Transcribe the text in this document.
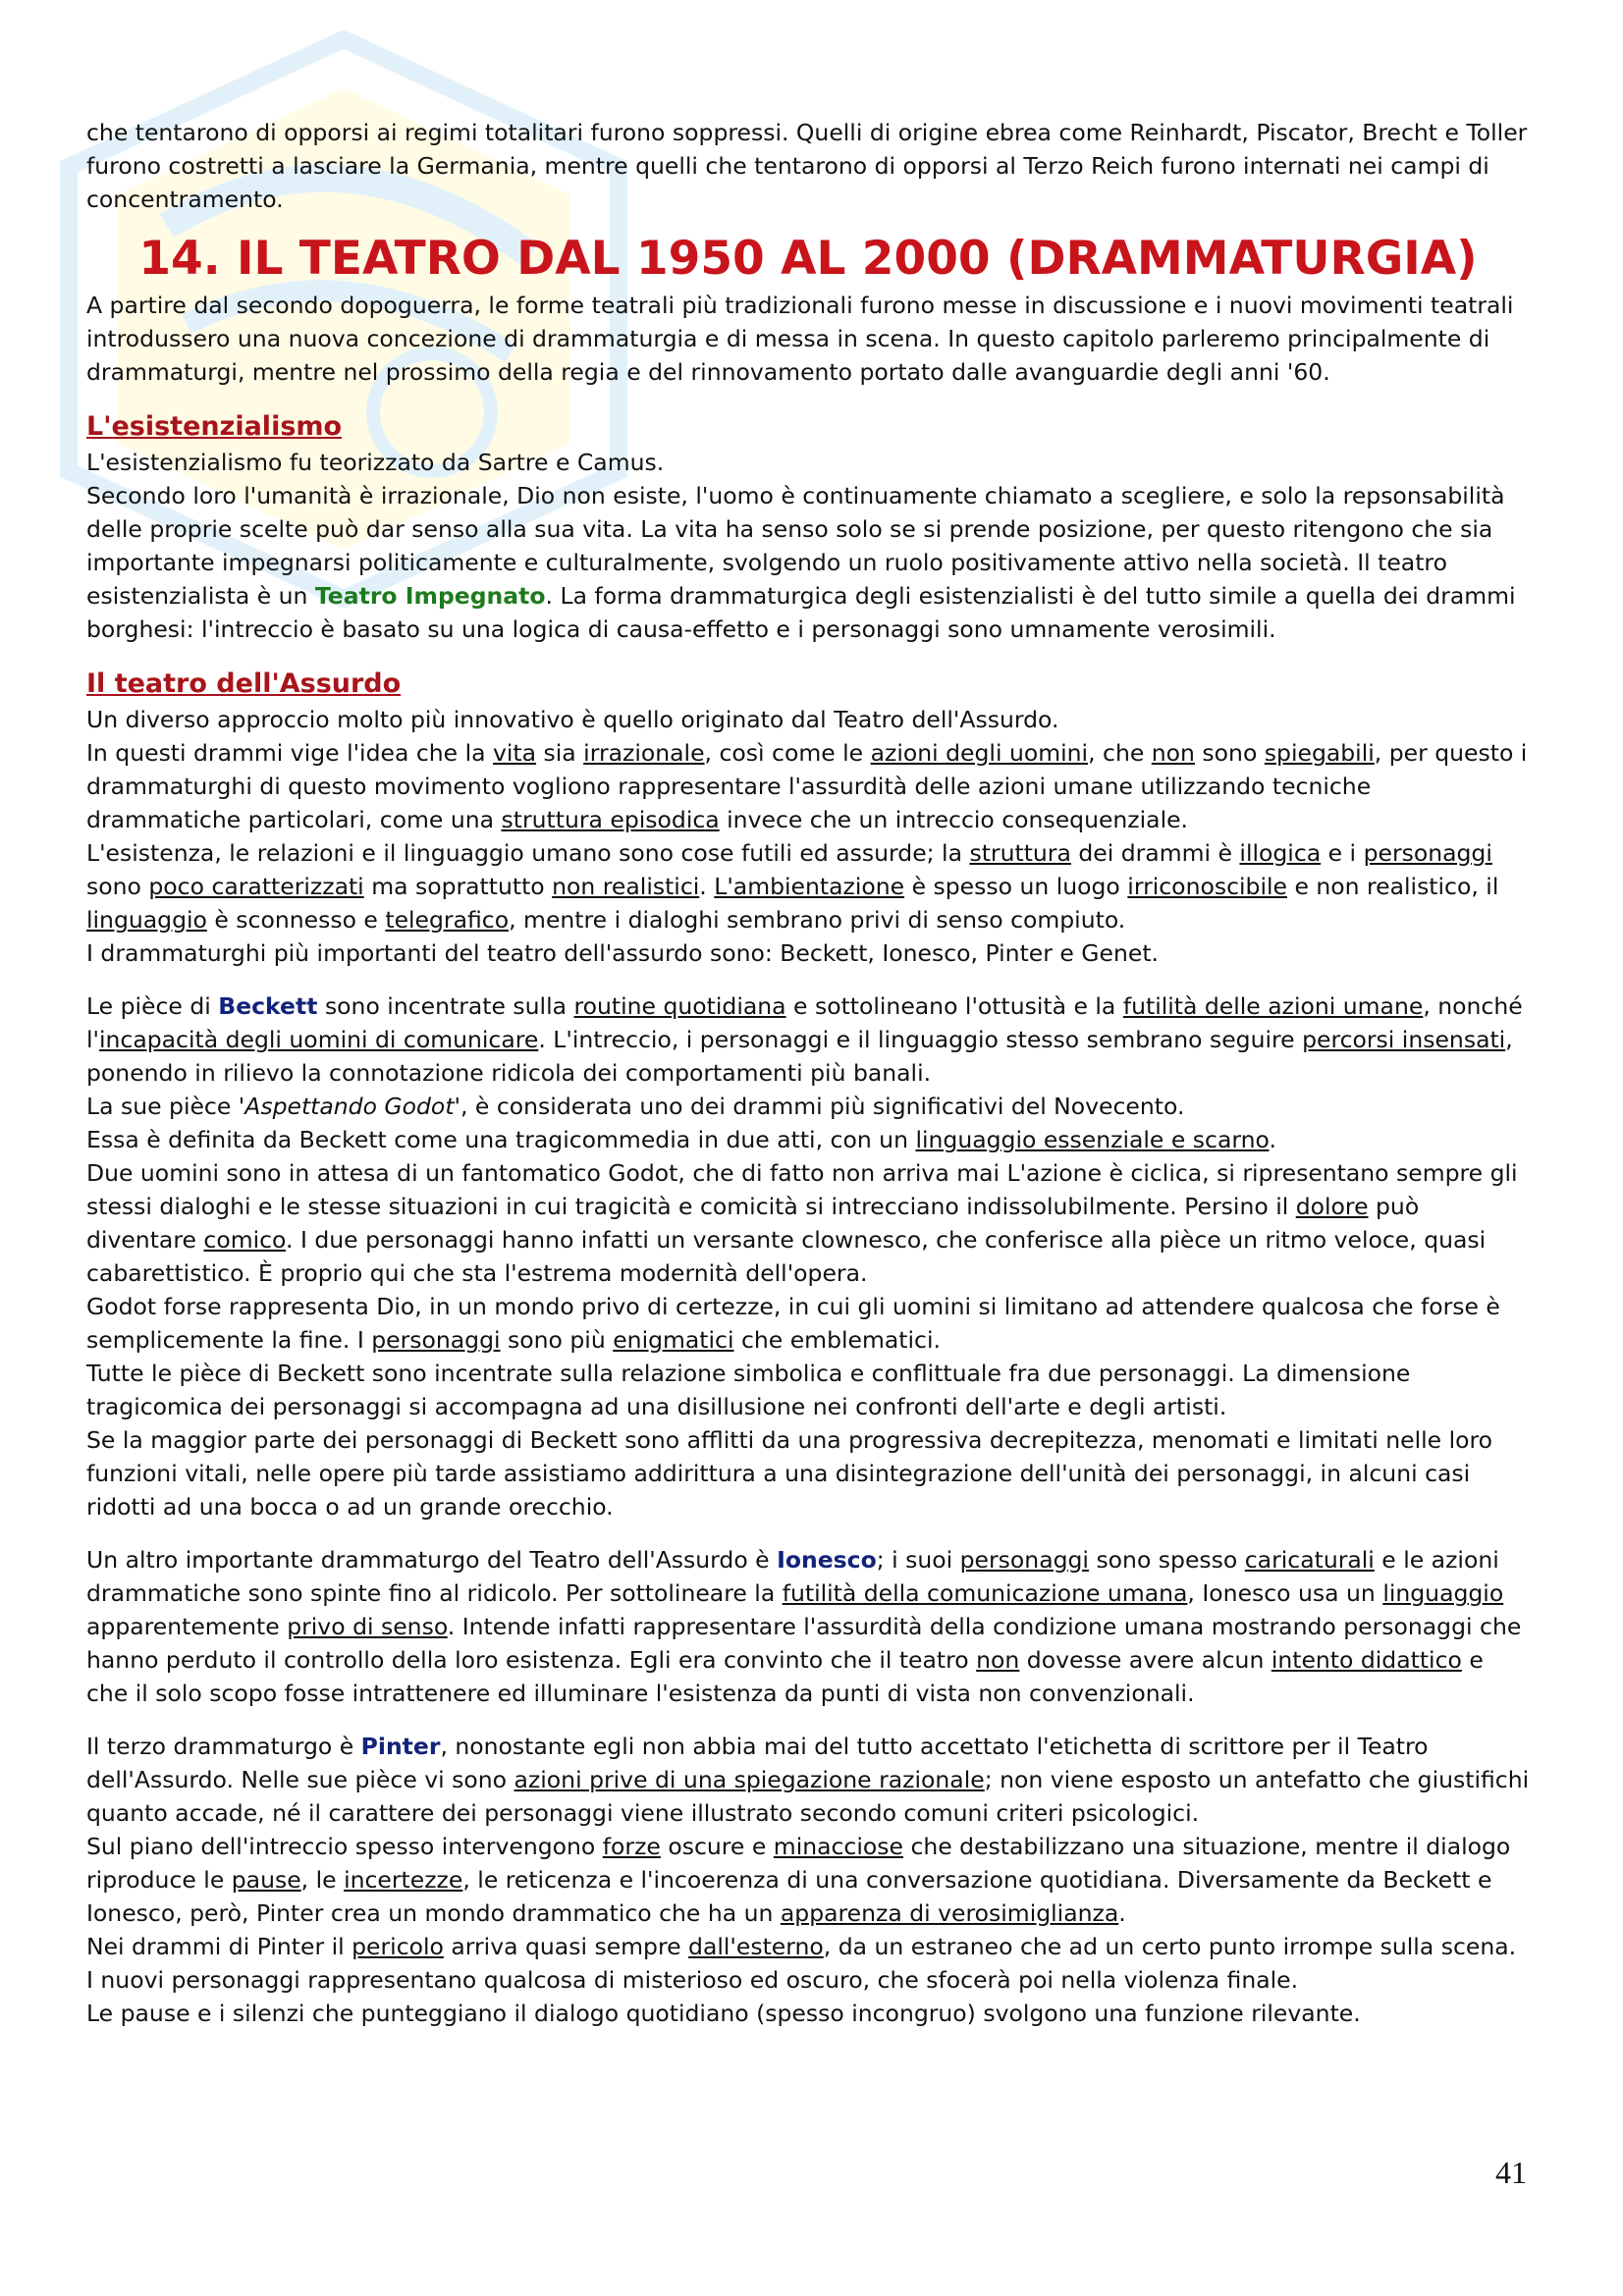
che tentarono di opporsi ai regimi totalitari furono soppressi. Quelli di origine ebrea come Reinhardt, Piscator, Brecht e Toller furono costretti a lasciare la Germania, mentre quelli che tentarono di opporsi al Terzo Reich furono internati nei campi di concentramento.

14. IL TEATRO DAL 1950 AL 2000 (DRAMMATURGIA)

A partire dal secondo dopoguerra, le forme teatrali più tradizionali furono messe in discussione e i nuovi movimenti teatrali introdussero una nuova concezione di drammaturgia e di messa in scena. In questo capitolo parleremo principalmente di drammaturgi, mentre nel prossimo della regia e del rinnovamento portato dalle avanguardie degli anni '60.

L'esistenzialismo

L'esistenzialismo fu teorizzato da Sartre e Camus.

Secondo loro l'umanità è irrazionale, Dio non esiste, l'uomo è continuamente chiamato a scegliere, e solo la repsonsabilità delle proprie scelte può dar senso alla sua vita. La vita ha senso solo se si prende posizione, per questo ritengono che sia importante impegnarsi politicamente e culturalmente, svolgendo un ruolo positivamente attivo nella società. Il teatro esistenzialista è un Teatro Impegnato. La forma drammaturgica degli esistenzialisti è del tutto simile a quella dei drammi borghesi: l'intreccio è basato su una logica di causa-effetto e i personaggi sono umnamente verosimili.

Il teatro dell'Assurdo

Un diverso approccio molto più innovativo è quello originato dal Teatro dell'Assurdo.

In questi drammi vige l'idea che la vita sia irrazionale, così come le azioni degli uomini, che non sono spiegabili, per questo i drammaturghi di questo movimento vogliono rappresentare l'assurdità delle azioni umane utilizzando tecniche drammatiche particolari, come una struttura episodica invece che un intreccio consequenziale.

L'esistenza, le relazioni e il linguaggio umano sono cose futili ed assurde; la struttura dei drammi è illogica e i personaggi sono poco caratterizzati ma soprattutto non realistici. L'ambientazione è spesso un luogo irriconoscibile e non realistico, il linguaggio è sconnesso e telegrafico, mentre i dialoghi sembrano privi di senso compiuto.

I drammaturghi più importanti del teatro dell'assurdo sono: Beckett, Ionesco, Pinter e Genet.

Le pièce di Beckett sono incentrate sulla routine quotidiana e sottolineano l'ottusità e la futilità delle azioni umane, nonché l'incapacità degli uomini di comunicare. L'intreccio, i personaggi e il linguaggio stesso sembrano seguire percorsi insensati, ponendo in rilievo la connotazione ridicola dei comportamenti più banali.

La sue pièce 'Aspettando Godot', è considerata uno dei drammi più significativi del Novecento.

Essa è definita da Beckett come una tragicommedia in due atti, con un linguaggio essenziale e scarno.

Due uomini sono in attesa di un fantomatico Godot, che di fatto non arriva mai L'azione è ciclica, si ripresentano sempre gli stessi dialoghi e le stesse situazioni in cui tragicità e comicità si intrecciano indissolubilmente. Persino il dolore può diventare comico. I due personaggi hanno infatti un versante clownesco, che conferisce alla pièce un ritmo veloce, quasi cabarettistico. È proprio qui che sta l'estrema modernità dell'opera.

Godot forse rappresenta Dio, in un mondo privo di certezze, in cui gli uomini si limitano ad attendere qualcosa che forse è semplicemente la fine. I personaggi sono più enigmatici che emblematici.

Tutte le pièce di Beckett sono incentrate sulla relazione simbolica e conflittuale fra due personaggi. La dimensione tragicomica dei personaggi si accompagna ad una disillusione nei confronti dell'arte e degli artisti.

Se la maggior parte dei personaggi di Beckett sono afflitti da una progressiva decrepitezza, menomati e limitati nelle loro funzioni vitali, nelle opere più tarde assistiamo addirittura a una disintegrazione dell'unità dei personaggi, in alcuni casi ridotti ad una bocca o ad un grande orecchio.

Un altro importante drammaturgo del Teatro dell'Assurdo è Ionesco; i suoi personaggi sono spesso caricaturali e le azioni drammatiche sono spinte fino al ridicolo. Per sottolineare la futilità della comunicazione umana, Ionesco usa un linguaggio apparentemente privo di senso. Intende infatti rappresentare l'assurdità della condizione umana mostrando personaggi che hanno perduto il controllo della loro esistenza. Egli era convinto che il teatro non dovesse avere alcun intento didattico e che il solo scopo fosse intrattenere ed illuminare l'esistenza da punti di vista non convenzionali.

Il terzo drammaturgo è Pinter, nonostante egli non abbia mai del tutto accettato l'etichetta di scrittore per il Teatro dell'Assurdo. Nelle sue pièce vi sono azioni prive di una spiegazione razionale; non viene esposto un antefatto che giustifichi quanto accade, né il carattere dei personaggi viene illustrato secondo comuni criteri psicologici.

Sul piano dell'intreccio spesso intervengono forze oscure e minacciose che destabilizzano una situazione, mentre il dialogo riproduce le pause, le incertezze, le reticenza e l'incoerenza di una conversazione quotidiana. Diversamente da Beckett e Ionesco, però, Pinter crea un mondo drammatico che ha un apparenza di verosimiglianza.

Nei drammi di Pinter il pericolo arriva quasi sempre dall'esterno, da un estraneo che ad un certo punto irrompe sulla scena. I nuovi personaggi rappresentano qualcosa di misterioso ed oscuro, che sfocerà poi nella violenza finale.

Le pause e i silenzi che punteggiano il dialogo quotidiano (spesso incongruo) svolgono una funzione rilevante.

41
